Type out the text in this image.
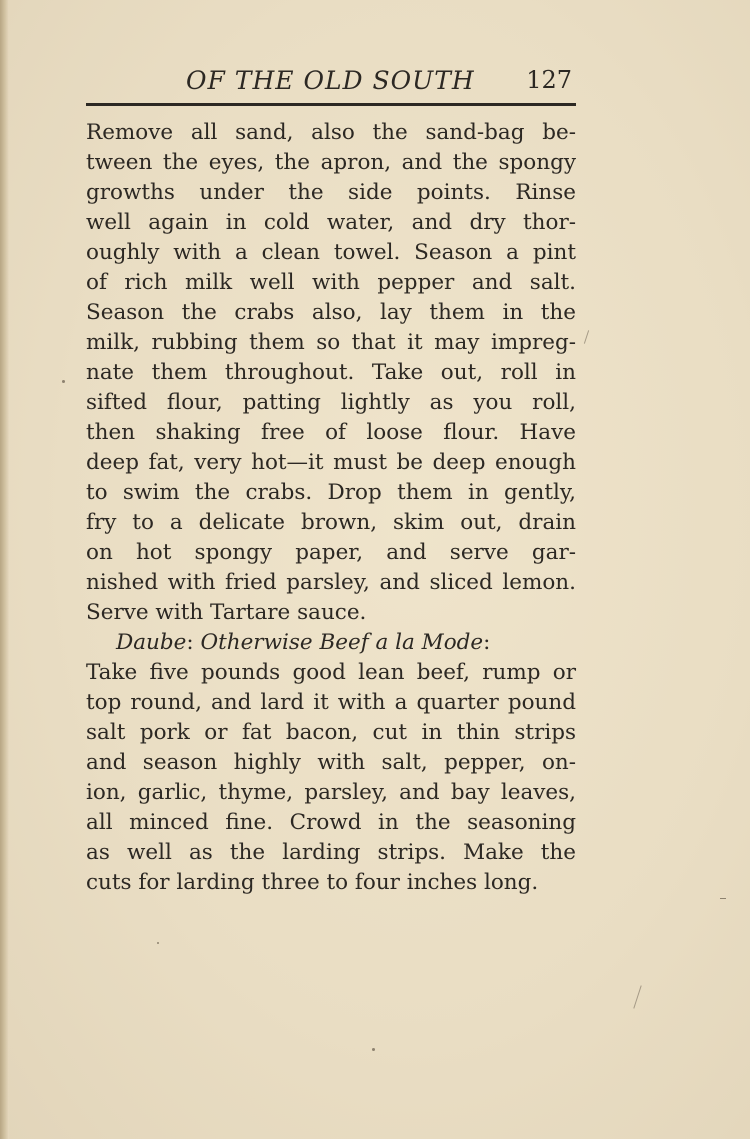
OF THE OLD SOUTH 127
Remove all sand, also the sand-bag be-
tween the eyes, the apron, and the spongy
growths under the side points. Rinse
well again in cold water, and dry thor-
oughly with a clean towel. Season a pint
of rich milk well with pepper and salt.
Season the crabs also, lay them in the
milk, rubbing them so that it may impreg-
nate them throughout. Take out, roll in
sifted flour, patting lightly as you roll,
then shaking free of loose flour. Have
deep fat, very hot—it must be deep enough
to swim the crabs. Drop them in gently,
fry to a delicate brown, skim out, drain
on hot spongy paper, and serve gar-
nished with fried parsley, and sliced lemon.
Serve with Tartare sauce.
Daube: Otherwise Beef a la Mode:
Take five pounds good lean beef, rump or
top round, and lard it with a quarter pound
salt pork or fat bacon, cut in thin strips
and season highly with salt, pepper, on-
ion, garlic, thyme, parsley, and bay leaves,
all minced fine. Crowd in the seasoning
as well as the larding strips. Make the
cuts for larding three to four inches long.
